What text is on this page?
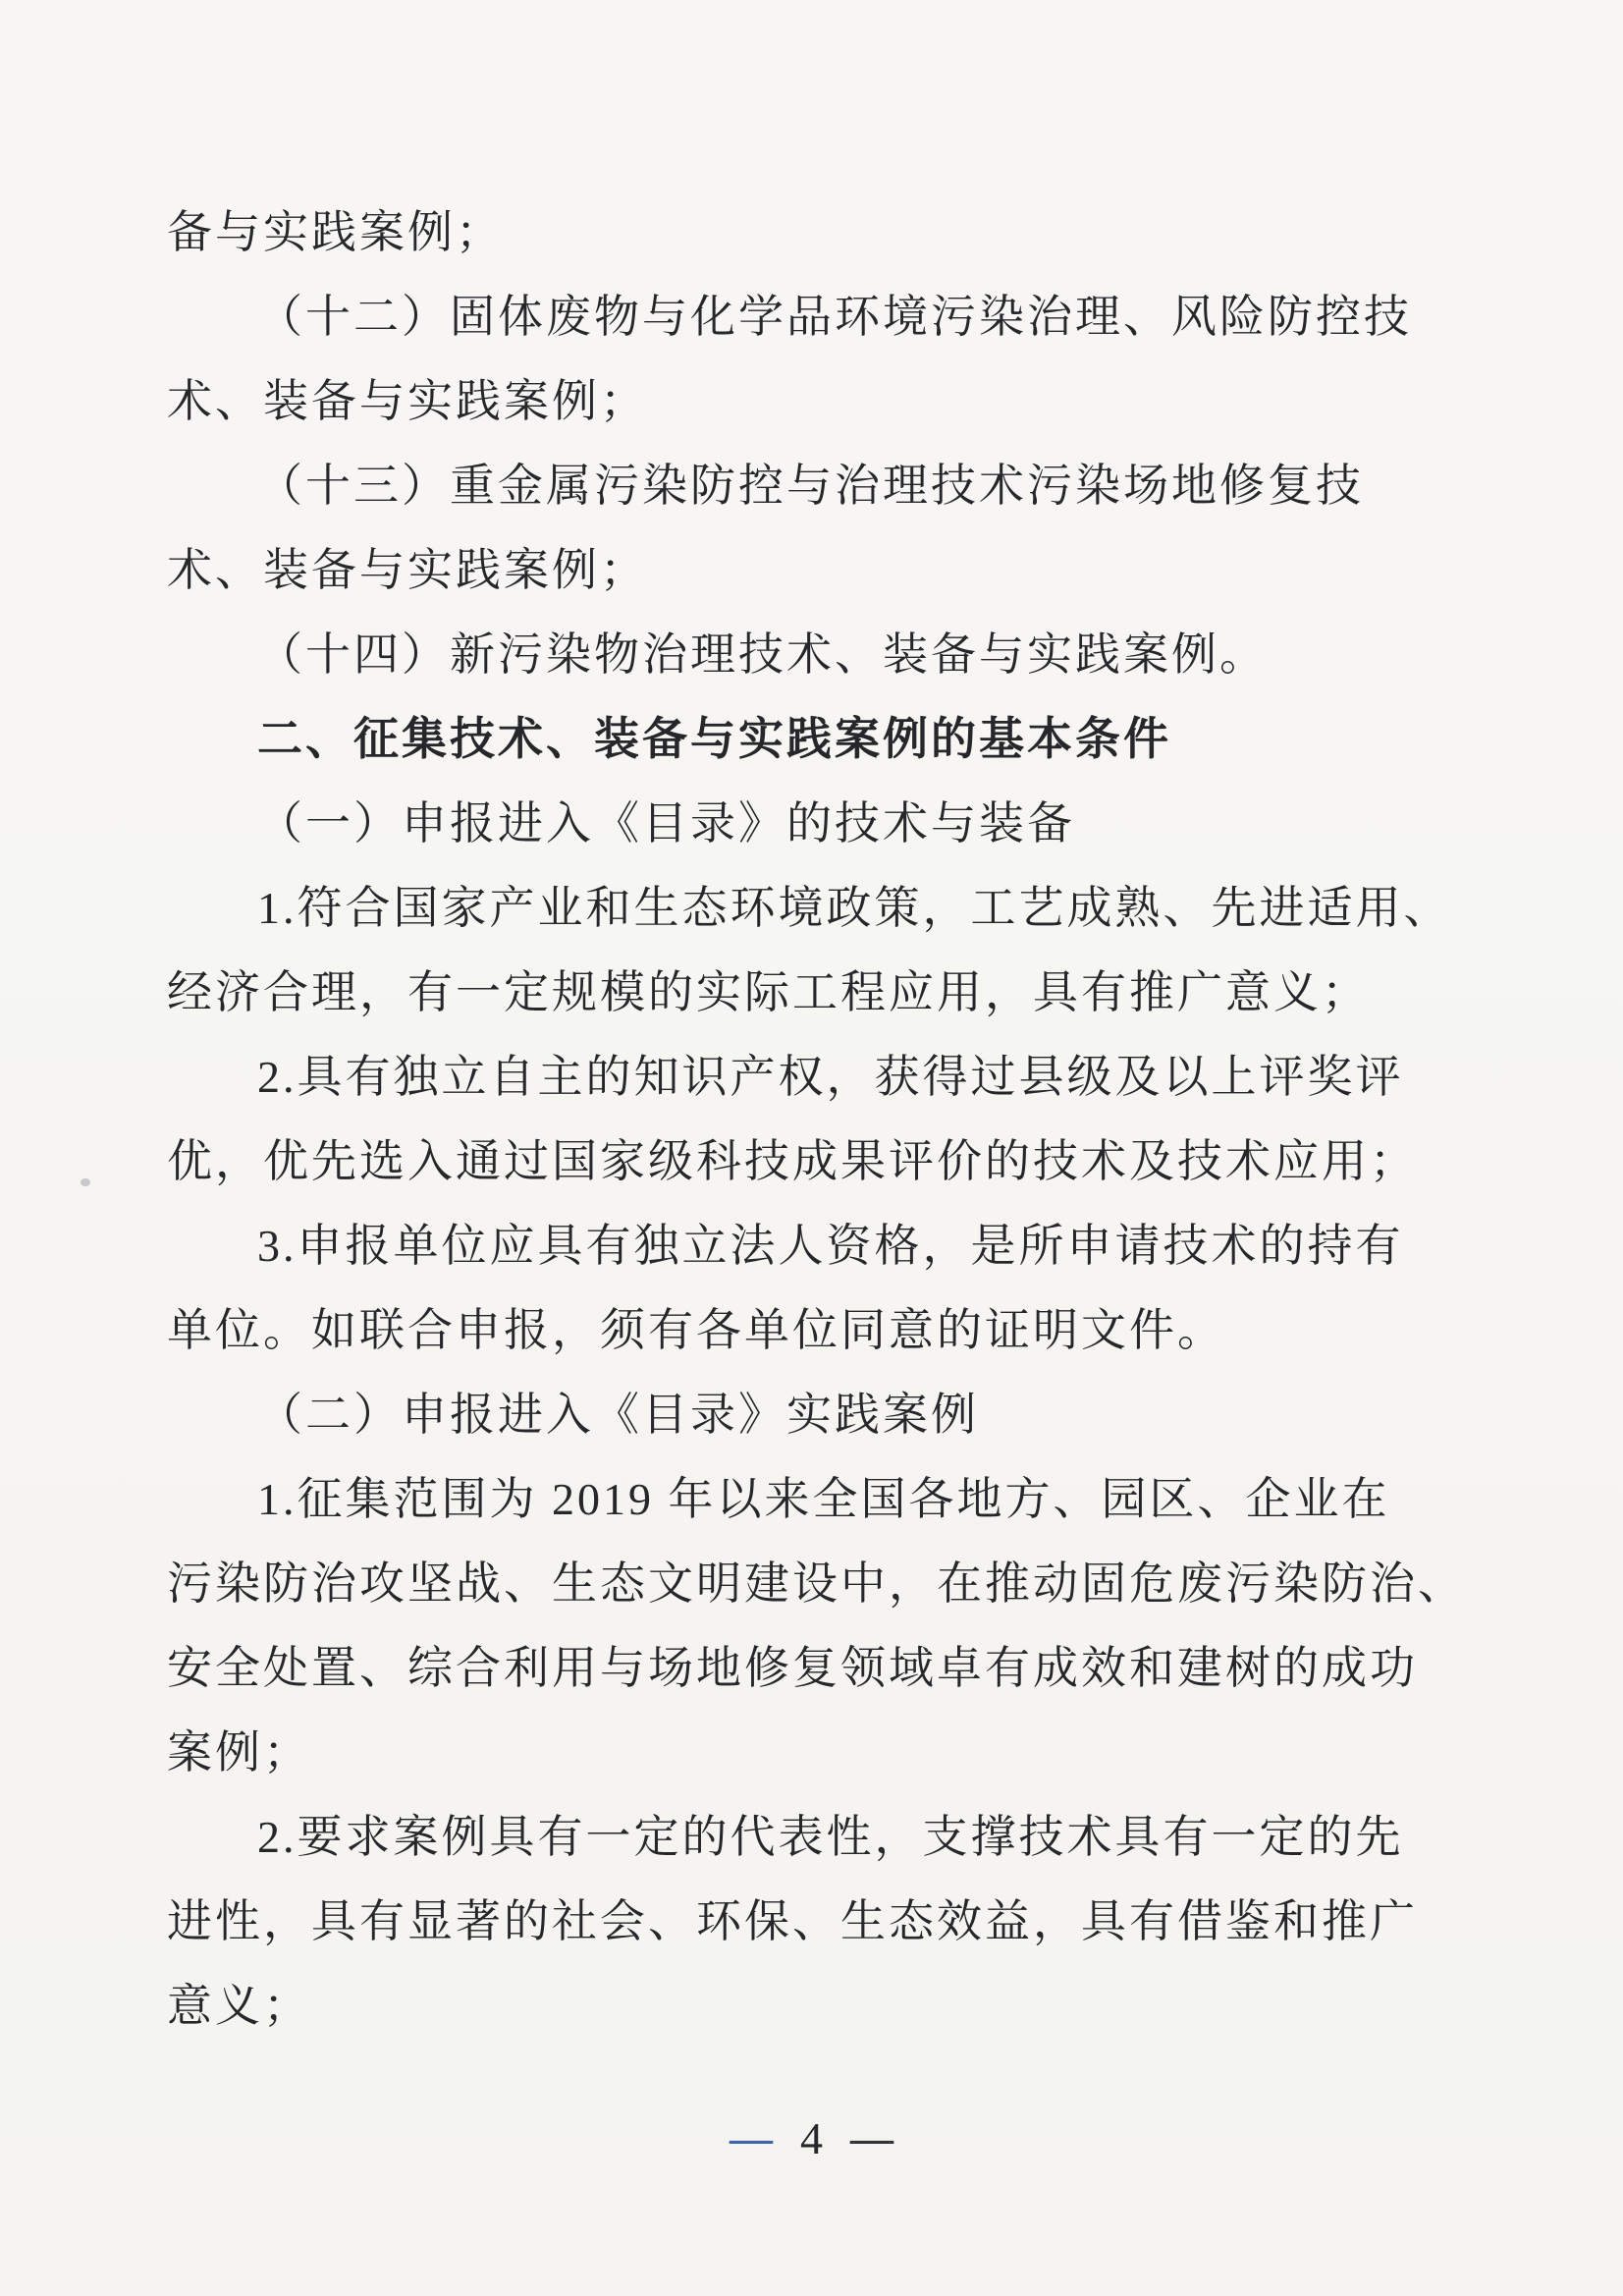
备与实践案例；
（十二）固体废物与化学品环境污染治理、风险防控技
术、装备与实践案例；
（十三）重金属污染防控与治理技术污染场地修复技
术、装备与实践案例；
（十四）新污染物治理技术、装备与实践案例。
二、征集技术、装备与实践案例的基本条件
（一）申报进入《目录》的技术与装备
1.符合国家产业和生态环境政策，工艺成熟、先进适用、
经济合理，有一定规模的实际工程应用，具有推广意义；
2.具有独立自主的知识产权，获得过县级及以上评奖评
优，优先选入通过国家级科技成果评价的技术及技术应用；
3.申报单位应具有独立法人资格，是所申请技术的持有
单位。如联合申报，须有各单位同意的证明文件。
（二）申报进入《目录》实践案例
1.征集范围为 2019 年以来全国各地方、园区、企业在
污染防治攻坚战、生态文明建设中，在推动固危废污染防治、
安全处置、综合利用与场地修复领域卓有成效和建树的成功
案例；
2.要求案例具有一定的代表性，支撑技术具有一定的先
进性，具有显著的社会、环保、生态效益，具有借鉴和推广
意义；
— 4 —
